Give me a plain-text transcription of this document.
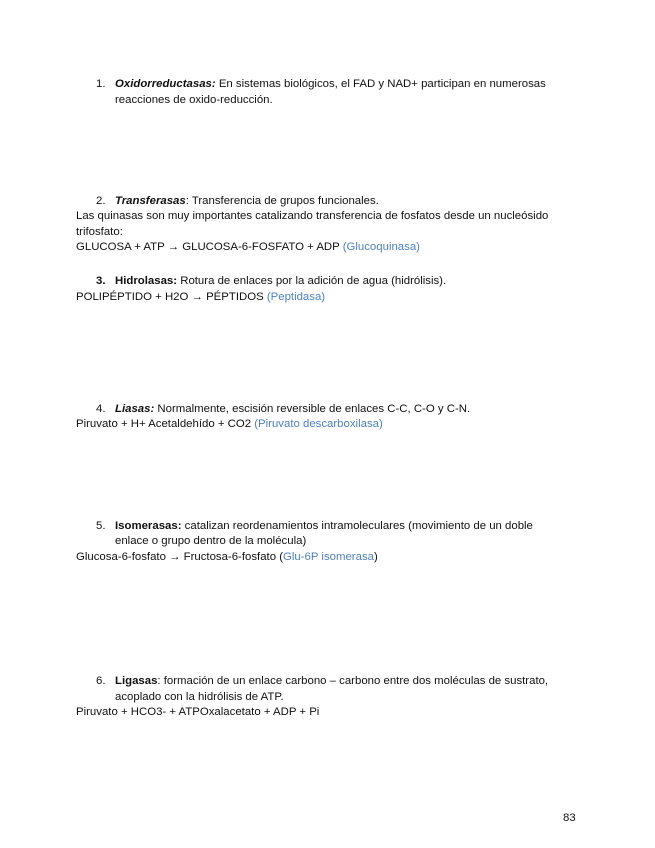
1. Oxidorreductasas: En sistemas biológicos, el FAD y NAD+ participan en numerosas
reacciones de oxido-reducción.
2. Transferasas: Transferencia de grupos funcionales.
Las quinasas son muy importantes catalizando transferencia de fosfatos desde un nucleósido
trifosfato:
GLUCOSA + ATP → GLUCOSA-6-FOSFATO + ADP (Glucoquinasa)
3. Hidrolasas: Rotura de enlaces por la adición de agua (hidrólisis).
POLIPÉPTIDO + H2O → PÉPTIDOS (Peptidasa)
4. Liasas: Normalmente, escisión reversible de enlaces C-C, C-O y C-N.
Piruvato + H+ Acetaldehído + CO2 (Piruvato descarboxilasa)
5. Isomerasas: catalizan reordenamientos intramoleculares (movimiento de un doble
enlace o grupo dentro de la molécula)
Glucosa-6-fosfato → Fructosa-6-fosfato (Glu-6P isomerasa)
6. Ligasas: formación de un enlace carbono – carbono entre dos moléculas de sustrato,
acoplado con la hidrólisis de ATP.
Piruvato + HCO3- + ATPOxalacetato + ADP + Pi
83
